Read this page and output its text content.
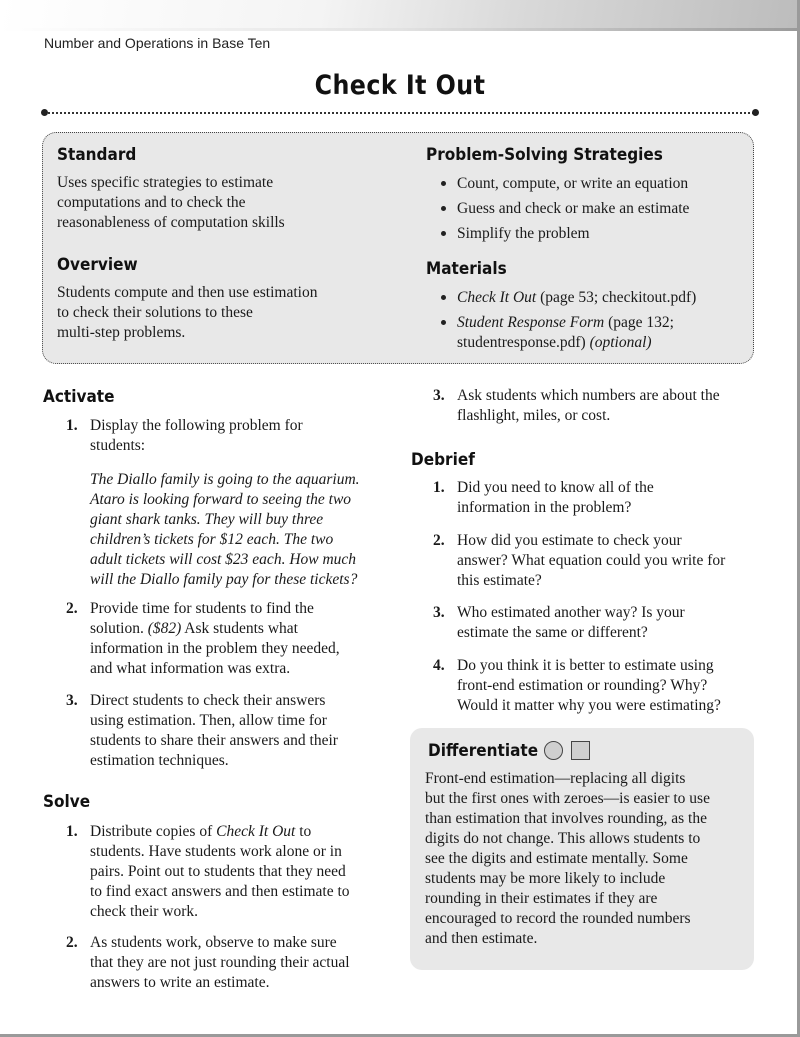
Number and Operations in Base Ten
Check It Out
Standard
Uses specific strategies to estimate
computations and to check the
reasonableness of computation skills
Overview
Students compute and then use estimation
to check their solutions to these
multi-step problems.
Problem-Solving Strategies
Count, compute, or write an equation
Guess and check or make an estimate
Simplify the problem
Materials
Check It Out (page 53; checkitout.pdf)
Student Response Form (page 132;
studentresponse.pdf) (optional)
Activate
1. Display the following problem for
students:
The Diallo family is going to the aquarium.
Ataro is looking forward to seeing the two
giant shark tanks. They will buy three
children’s tickets for $12 each. The two
adult tickets will cost $23 each. How much
will the Diallo family pay for these tickets?
2. Provide time for students to find the
solution. ($82) Ask students what
information in the problem they needed,
and what information was extra.
3. Direct students to check their answers
using estimation. Then, allow time for
students to share their answers and their
estimation techniques.
Solve
1. Distribute copies of Check It Out to
students. Have students work alone or in
pairs. Point out to students that they need
to find exact answers and then estimate to
check their work.
2. As students work, observe to make sure
that they are not just rounding their actual
answers to write an estimate.
3. Ask students which numbers are about the
flashlight, miles, or cost.
Debrief
1. Did you need to know all of the
information in the problem?
2. How did you estimate to check your
answer? What equation could you write for
this estimate?
3. Who estimated another way? Is your
estimate the same or different?
4. Do you think it is better to estimate using
front-end estimation or rounding? Why?
Would it matter why you were estimating?
Differentiate
Front-end estimation—replacing all digits
but the first ones with zeroes—is easier to use
than estimation that involves rounding, as the
digits do not change. This allows students to
see the digits and estimate mentally. Some
students may be more likely to include
rounding in their estimates if they are
encouraged to record the rounded numbers
and then estimate.
